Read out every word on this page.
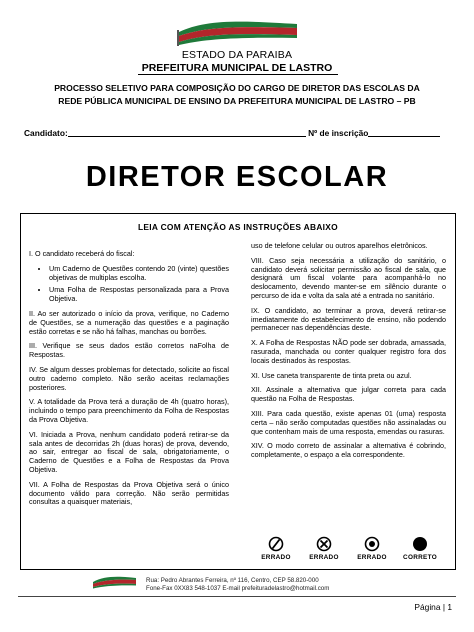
ESTADO DA PARAIBA
PREFEITURA MUNICIPAL DE LASTRO
PROCESSO SELETIVO PARA COMPOSIÇÃO DO CARGO DE DIRETOR DAS ESCOLAS DA
REDE PÚBLICA MUNICIPAL DE ENSINO DA PREFEITURA MUNICIPAL DE LASTRO – PB
Candidato:	Nº de inscrição
DIRETOR ESCOLAR
LEIA COM ATENÇÃO AS INSTRUÇÕES ABAIXO

I. O candidato receberá do fiscal:

• Um Caderno de Questões contendo 20 (vinte) questões objetivas de multiplas escolha.
• Uma Folha de Respostas personalizada para a Prova Objetiva.

II. Ao ser autorizado o início da prova, verifique, no Caderno de Questões, se a numeração das questões e a paginação estão corretas e se não há falhas, manchas ou borrões.

III. Verifique se seus dados estão corretos naFolha de Respostas.

IV. Se algum desses problemas for detectado, solicite ao fiscal outro caderno completo. Não serão aceitas reclamações posteriores.

V. A totalidade da Prova terá a duração de 4h (quatro horas), incluindo o tempo para preenchimento da Folha de Respostas da Prova Objetiva.

VI. Iniciada a Prova, nenhum candidato poderá retirar-se da sala antes de decorridas 2h (duas horas) de prova, devendo, ao sair, entregar ao fiscal de sala, obrigatoriamente, o Caderno de Questões e a Folha de Respostas da Prova Objetiva.

VII. A Folha de Respostas da Prova Objetiva será o único documento válido para correção. Não serão permitidas consultas a quaisquer materiais,

uso de telefone celular ou outros aparelhos eletrônicos.

VIII. Caso seja necessária a utilização do sanitário, o candidato deverá solicitar permissão ao fiscal de sala, que designará um fiscal volante para acompanhá-lo no deslocamento, devendo manter-se em silêncio durante o percurso de ida e volta da sala até a entrada no sanitário.

IX. O candidato, ao terminar a prova, deverá retirar-se imediatamente do estabelecimento de ensino, não podendo permanecer nas dependências deste.

X. A Folha de Respostas NÃO pode ser dobrada, amassada, rasurada, manchada ou conter qualquer registro fora dos locais destinados às respostas.

XI. Use caneta transparente de tinta preta ou azul.

XII. Assinale a alternativa que julgar correta para cada questão na Folha de Respostas.

XIII. Para cada questão, existe apenas 01 (uma) resposta certa – não serão computadas questões não assinaladas ou que contenham mais de uma resposta, emendas ou rasuras.

XIV. O modo correto de assinalar a alternativa é cobrindo, completamente, o espaço a ela correspondente.

ERRADO	ERRADO	ERRADO	CORRETO
Rua: Pedro Abrantes Ferreira, nº 116, Centro, CEP 58.820-000
Fone-Fax 0XX83 548-1037 E-mail prefeituradelastro@hotmail.com
Página | 1
